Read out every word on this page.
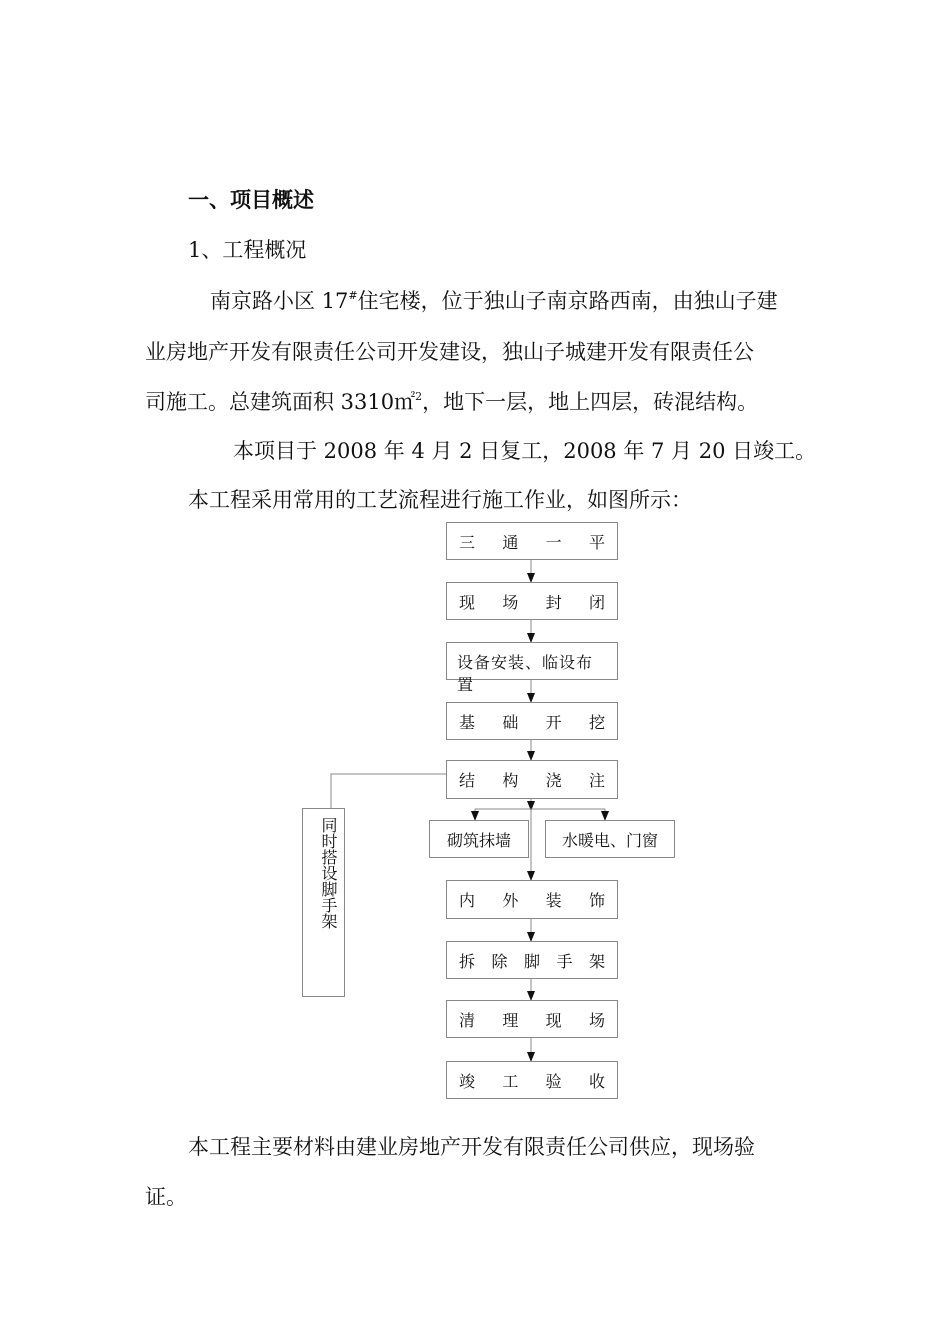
一、项目概述
1、工程概况
南京路小区 17#住宅楼，位于独山子南京路西南，由独山子建
业房地产开发有限责任公司开发建设，独山子城建开发有限责任公
司施工。总建筑面积 3310㎡$^2$，地下一层，地上四层，砖混结构。
本项目于 2008 年 4 月 2 日复工，2008 年 7 月 20 日竣工。
本工程采用常用的工艺流程进行施工作业，如图所示：
三 通 一 平
现 场 封 闭
设备安装、临设布置
基 础 开 挖
结 构 浇 注
砌筑抹墙	水暖电、门窗
内 外 装 饰
拆 除 脚 手 架
清 理 现 场
竣 工 验 收
同时搭设脚手架
本工程主要材料由建业房地产开发有限责任公司供应，现场验
证。
